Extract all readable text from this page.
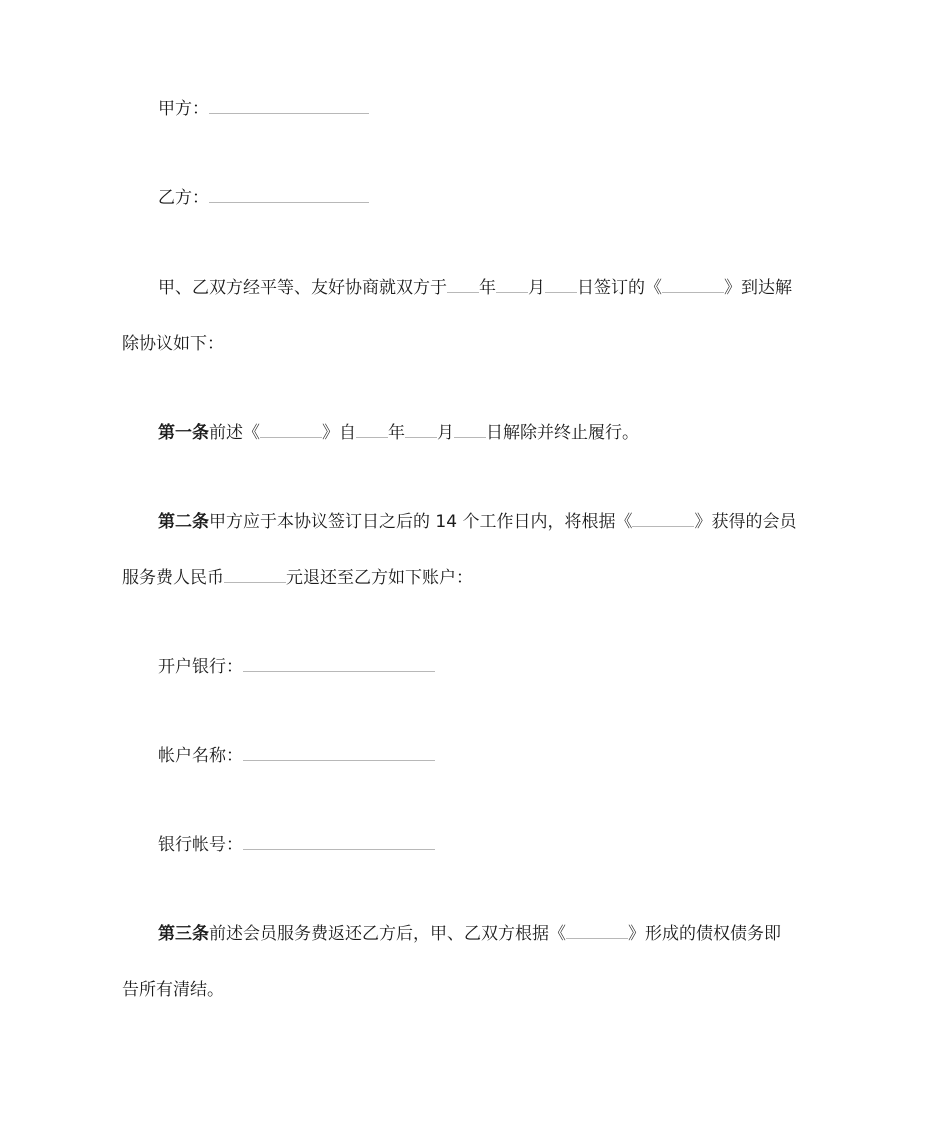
甲方：
乙方：
甲、乙双方经平等、友好协商就双方于 年 月 日签订的《	》到达解
除协议如下：
第一条前述《	》自 年 月 日解除并终止履行。
第二条甲方应于本协议签订日之后的 14 个工作日内，将根据《	》获得的会员
服务费人民币	元退还至乙方如下账户：
开户银行：
帐户名称：
银行帐号：
第三条前述会员服务费返还乙方后，甲、乙双方根据《	》形成的债权债务即
告所有清结。
